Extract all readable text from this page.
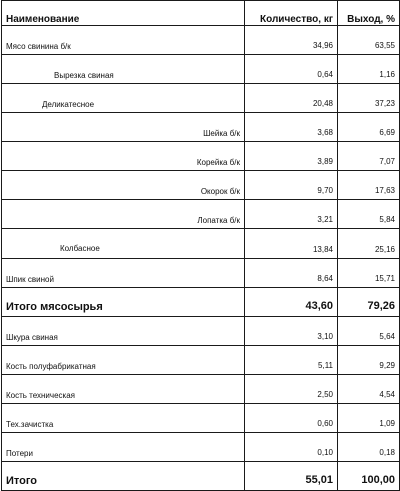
Наименование	Количество, кг	Выход, %
Мясо свинина б/к	34,96	63,55
Вырезка свиная	0,64	1,16
Деликатесное	20,48	37,23
Шейка б/к	3,68	6,69
Корейка б/к	3,89	7,07
Окорок б/к	9,70	17,63
Лопатка б/к	3,21	5,84
Колбасное	13,84	25,16
Шпик свиной	8,64	15,71
Итого мясосырья	43,60	79,26
Шкура свиная	3,10	5,64
Кость полуфабрикатная	5,11	9,29
Кость техническая	2,50	4,54
Тех.зачистка	0,60	1,09
Потери	0,10	0,18
Итого	55,01	100,00
